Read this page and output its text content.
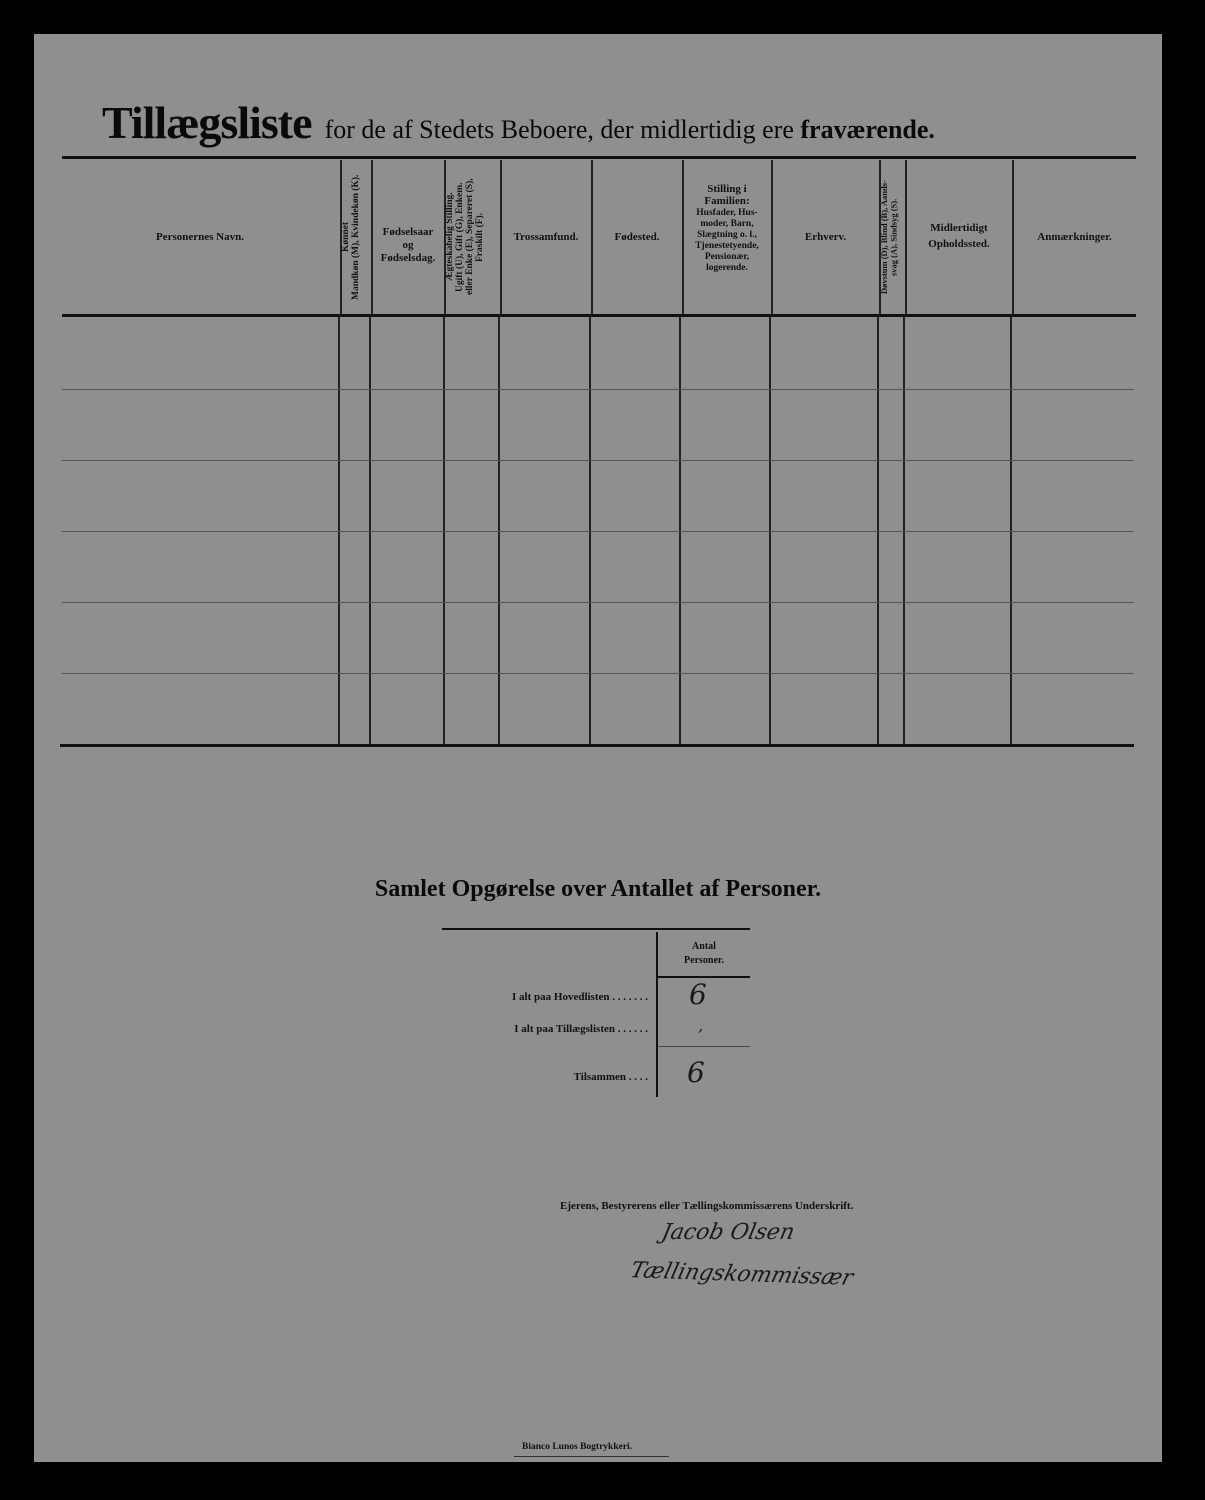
Tillægsliste for de af Stedets Beboere, der midlertidig ere fraværende.
Personernes Navn.	Kønnet
Mandkøn (M), Kvindekøn (K).	Fødselsaar
og
Fødselsdag.	Ægteskabelig Stilling.
Ugift (U), Gift (G), Enkem.
eller Enke (E), Separeret (S),
Fraskilt (F).	Trossamfund.	Fødested.
Stilling i
Familien:
Husfader, Hus-
moder, Barn,
Slægtning o. l.,
Tjenestetyende,
Pensionær,
logerende.
Erhverv.	Døvstum (D), Blind (B), Aands-
svag (A), Sindsyg (S).	Midlertidigt
Opholdssted.
Anmærkninger.
Samlet Opgørelse over Antallet af Personer.
Antal
Personer.
I alt paa Hovedlisten . . . . . . . 6
I alt paa Tillægslisten . . . . . .	‚
Tilsammen . . . . 6
Ejerens, Bestyrerens eller Tællingskommissærens Underskrift.
Jacob Olsen
Tællingskommissær
Bianco Lunos Bogtrykkeri.
